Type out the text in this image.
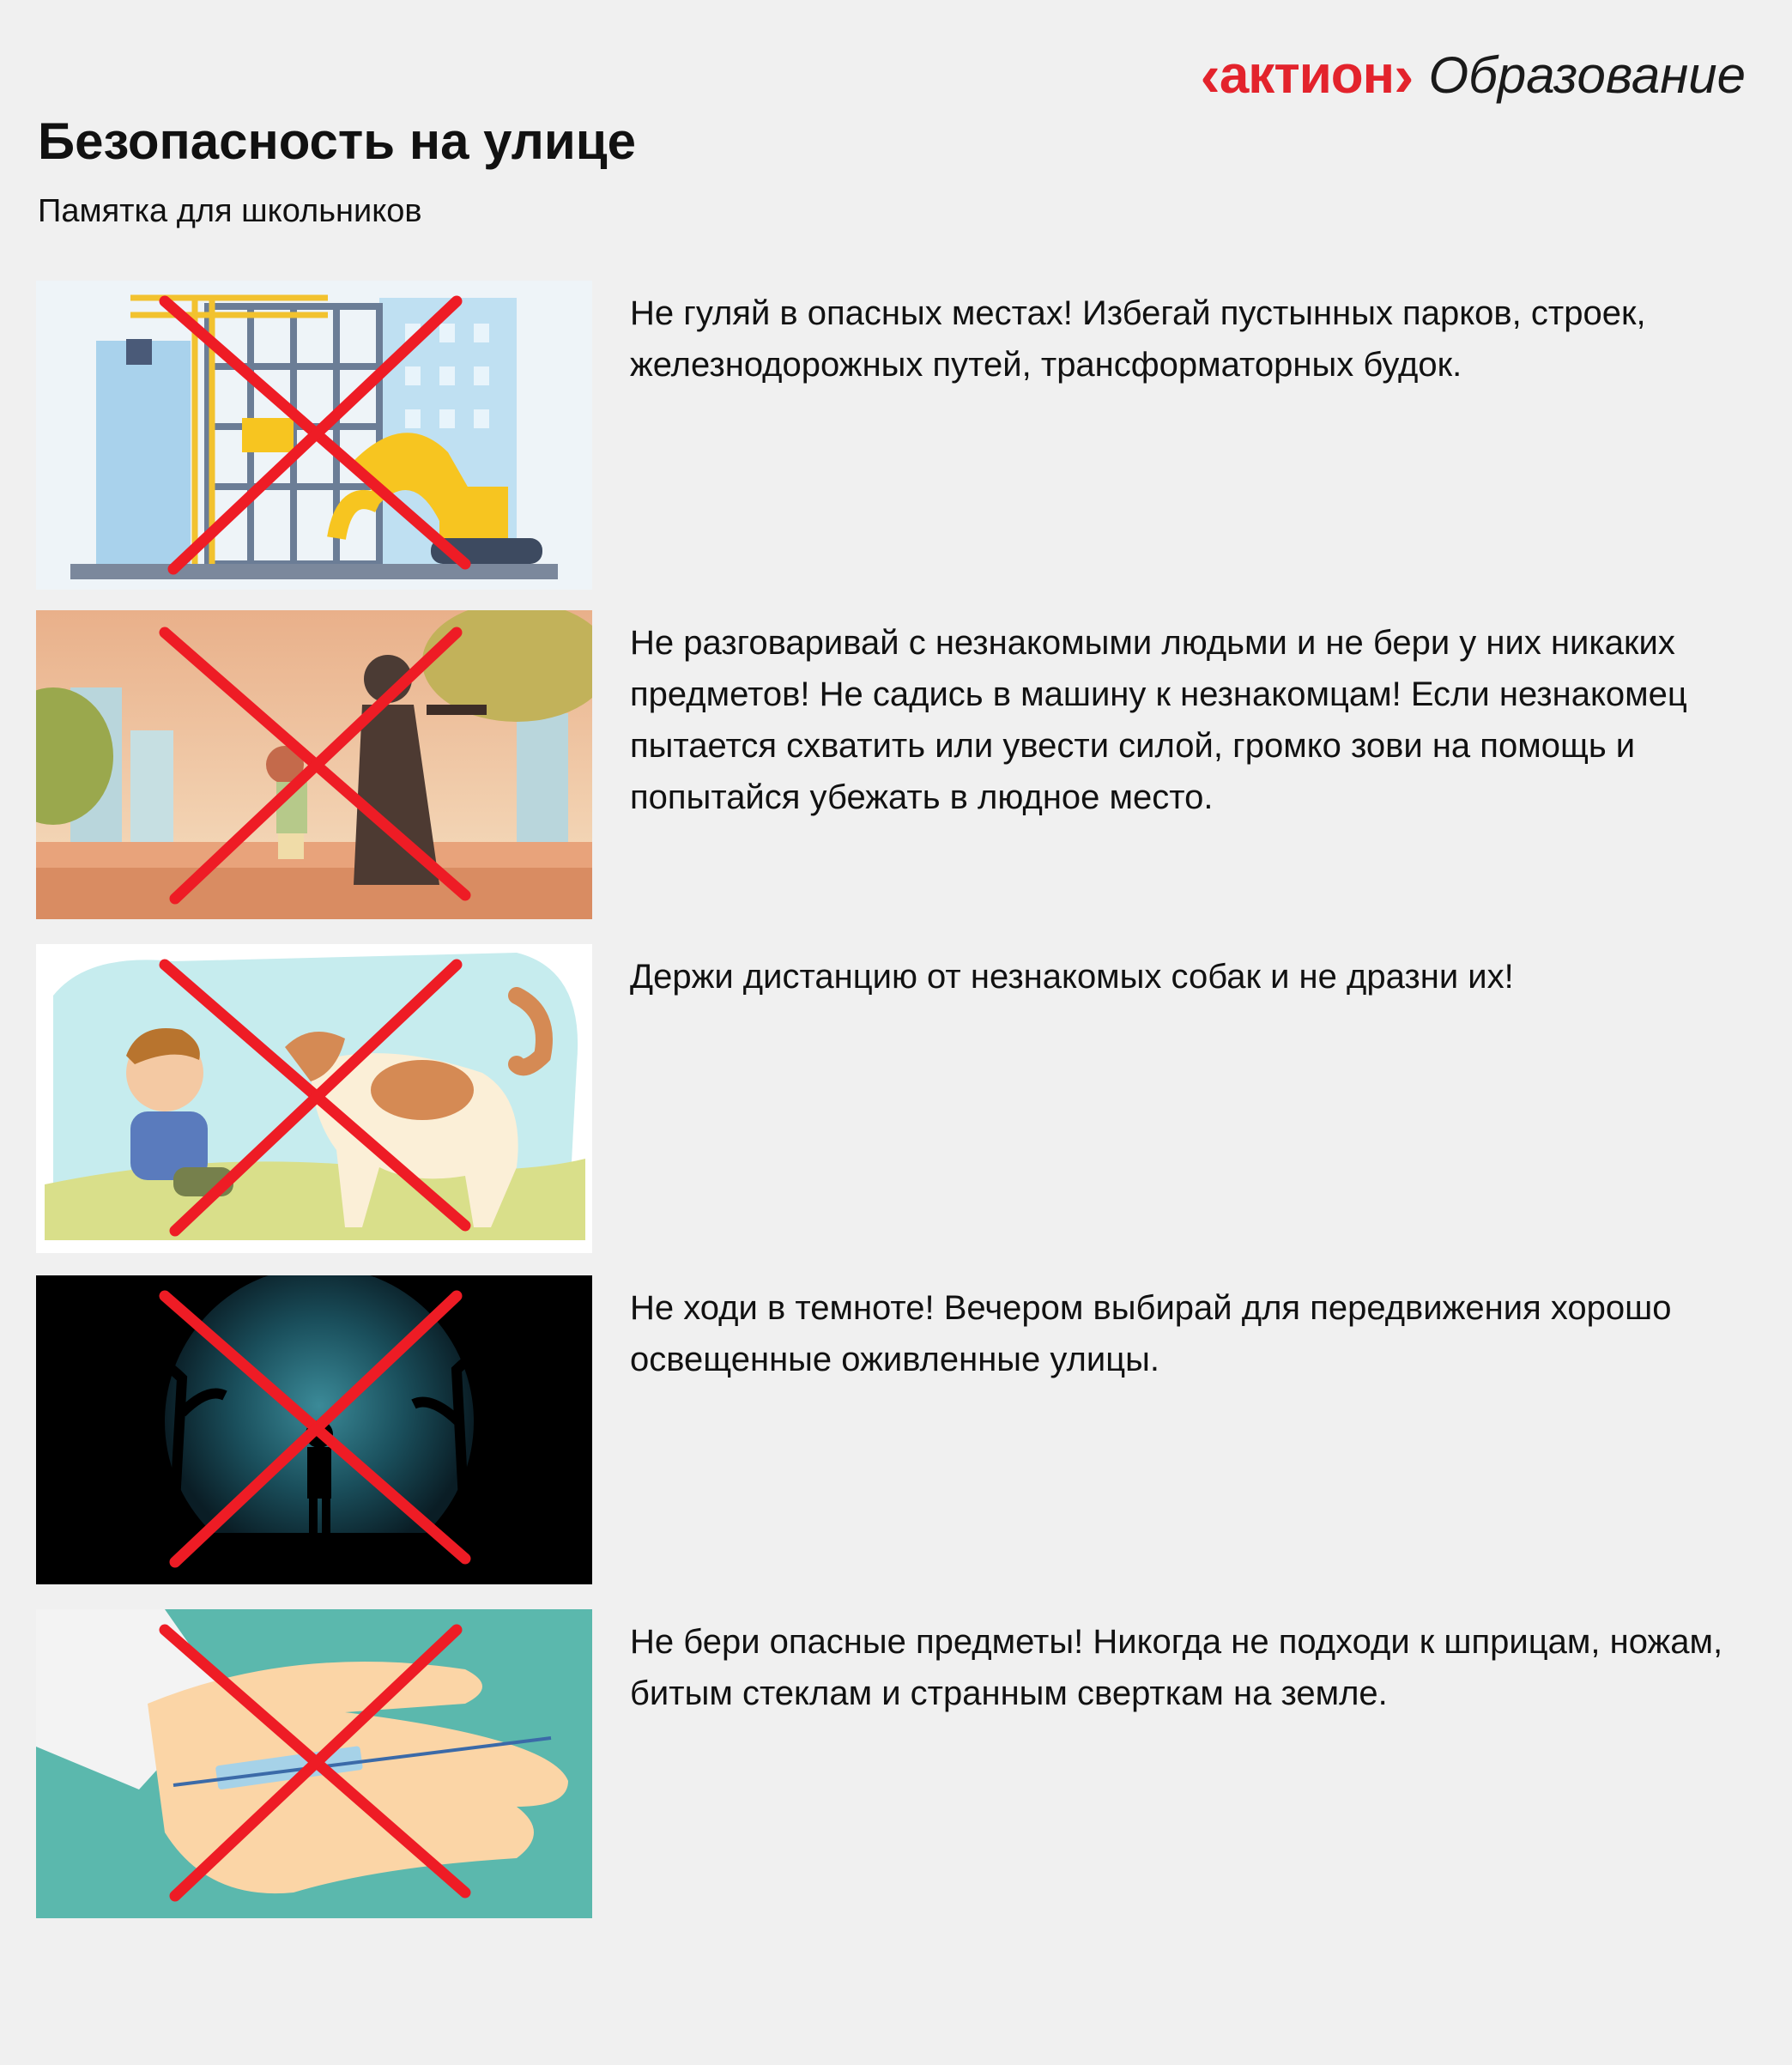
‹ актион › Образование
Безопасность на улице

Памятка для школьников

Не гуляй в опасных местах! Избегай пустынных парков, строек, железнодорожных путей, трансформаторных будок.

Не разговаривай с незнакомыми людьми и не бери у них никаких предметов! Не садись в машину к незнакомцам! Если незнакомец пытается схватить или увести силой, громко зови на помощь и попытайся убежать в людное место.

Держи дистанцию от незнакомых собак и не дразни их!

Не ходи в темноте! Вечером выбирай для передвижения хорошо освещенные оживленные улицы.

Не бери опасные предметы! Никогда не подходи к шприцам, ножам, битым стеклам и странным сверткам на земле.
